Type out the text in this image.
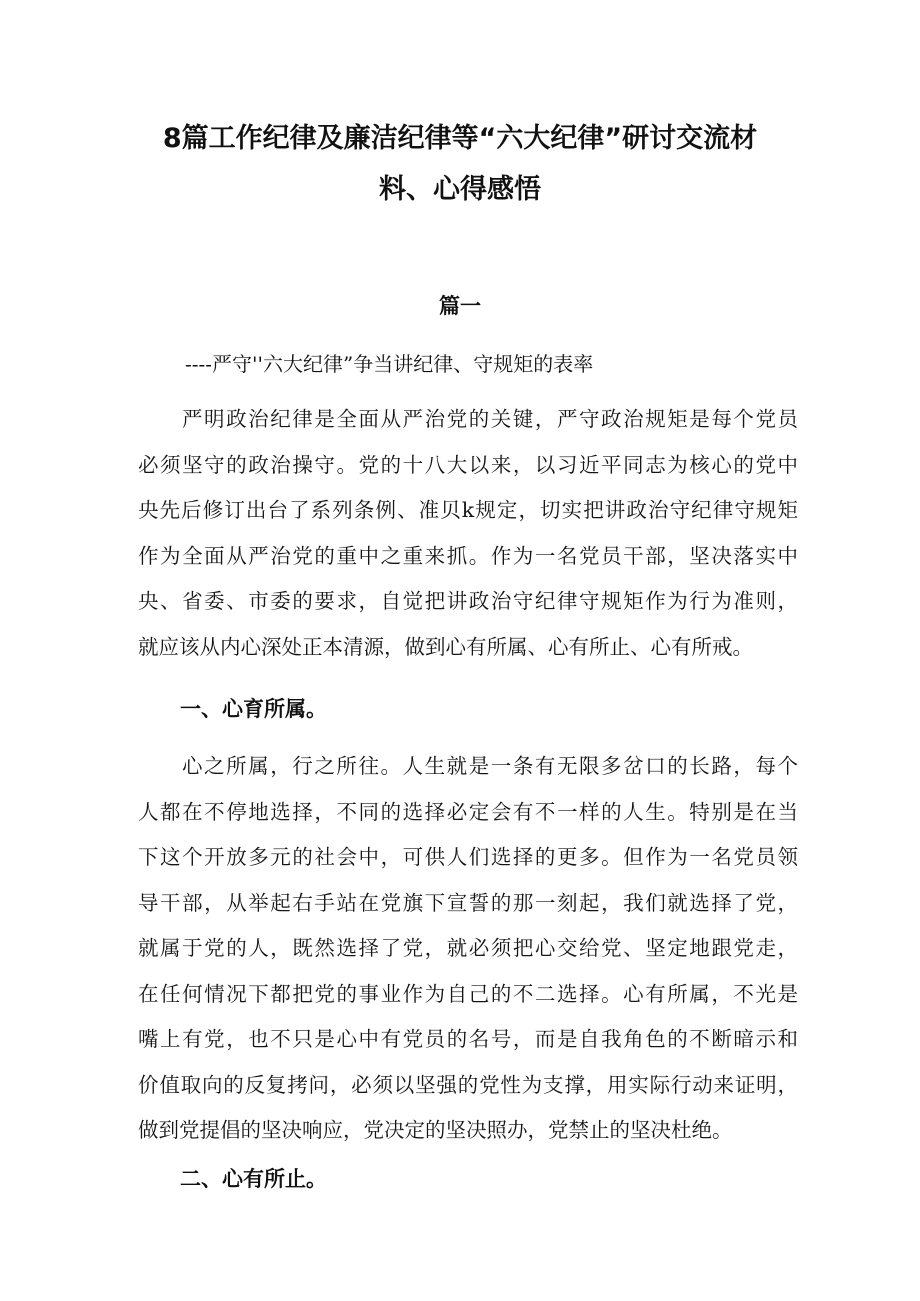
8篇工作纪律及廉洁纪律等“六大纪律”研讨交流材
料、心得感悟
篇一

----严守''六大纪律”争当讲纪律、守规矩的表率

严明政治纪律是全面从严治党的关键，严守政治规矩是每个党员
必须坚守的政治操守。党的十八大以来，以习近平同志为核心的党中
央先后修订出台了系列条例、准贝k规定，切实把讲政治守纪律守规矩
作为全面从严治党的重中之重来抓。作为一名党员干部，坚决落实中
央、省委、市委的要求，自觉把讲政治守纪律守规矩作为行为准则，
就应该从内心深处正本清源，做到心有所属、心有所止、心有所戒。
一、心育所属。
心之所属，行之所往。人生就是一条有无限多岔口的长路，每个
人都在不停地选择，不同的选择必定会有不一样的人生。特别是在当
下这个开放多元的社会中，可供人们选择的更多。但作为一名党员领
导干部，从举起右手站在党旗下宣誓的那一刻起，我们就选择了党，
就属于党的人，既然选择了党，就必须把心交给党、坚定地跟党走，
在任何情况下都把党的事业作为自己的不二选择。心有所属，不光是
嘴上有党，也不只是心中有党员的名号，而是自我角色的不断暗示和
价值取向的反复拷问，必须以坚强的党性为支撑，用实际行动来证明，
做到党提倡的坚决响应，党决定的坚决照办，党禁止的坚决杜绝。
二、心有所止。
